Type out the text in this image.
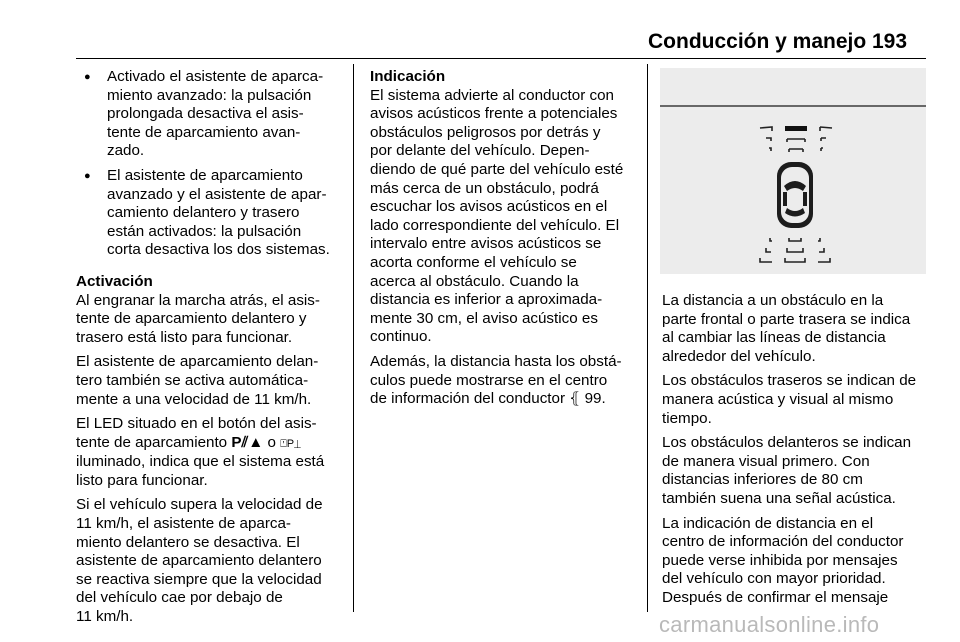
Conducción y manejo 193
● Activado el asistente de aparca-
miento avanzado: la pulsación
prolongada desactiva el asis-
tente de aparcamiento avan-
zado.
● El asistente de aparcamiento
avanzado y el asistente de apar-
camiento delantero y trasero
están activados: la pulsación
corta desactiva los dos sistemas.

Activación

Al engranar la marcha atrás, el asis-
tente de aparcamiento delantero y
trasero está listo para funcionar.

El asistente de aparcamiento delan-
tero también se activa automática-
mente a una velocidad de 11 km/h.

El LED situado en el botón del asis-
tente de aparcamiento P⫽▲ o ⍞P⏊
iluminado, indica que el sistema está
listo para funcionar.

Si el vehículo supera la velocidad de
11 km/h, el asistente de aparca-
miento delantero se desactiva. El
asistente de aparcamiento delantero
se reactiva siempre que la velocidad
del vehículo cae por debajo de
11 km/h.

Indicación

El sistema advierte al conductor con
avisos acústicos frente a potenciales
obstáculos peligrosos por detrás y
por delante del vehículo. Depen-
diendo de qué parte del vehículo esté
más cerca de un obstáculo, podrá
escuchar los avisos acústicos en el
lado correspondiente del vehículo. El
intervalo entre avisos acústicos se
acorta conforme el vehículo se
acerca al obstáculo. Cuando la
distancia es inferior a aproximada-
mente 30 cm, el aviso acústico es
continuo.

Además, la distancia hasta los obstá-
culos puede mostrarse en el centro
de información del conductor ⦃ 99.

La distancia a un obstáculo en la
parte frontal o parte trasera se indica
al cambiar las líneas de distancia
alrededor del vehículo.

Los obstáculos traseros se indican de
manera acústica y visual al mismo
tiempo.

Los obstáculos delanteros se indican
de manera visual primero. Con
distancias inferiores de 80 cm
también suena una señal acústica.

La indicación de distancia en el
centro de información del conductor
puede verse inhibida por mensajes
del vehículo con mayor prioridad.
Después de confirmar el mensaje

carmanualsonline.info
